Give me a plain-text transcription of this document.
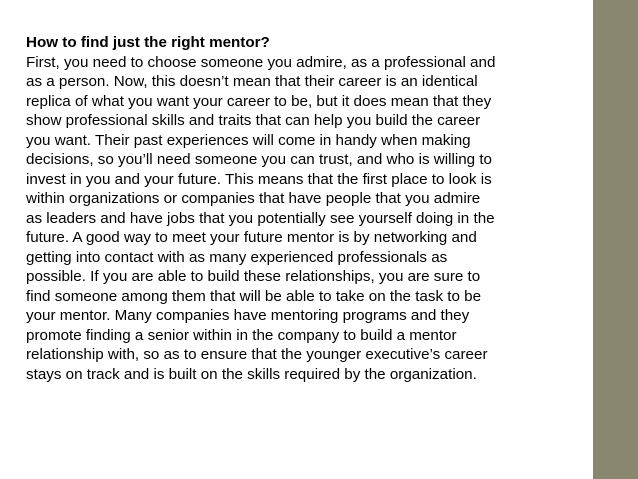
How to find just the right mentor?
First, you need to choose someone you admire, as a professional and
as a person. Now, this doesn’t mean that their career is an identical
replica of what you want your career to be, but it does mean that they
show professional skills and traits that can help you build the career
you want. Their past experiences will come in handy when making
decisions, so you’ll need someone you can trust, and who is willing to
invest in you and your future. This means that the first place to look is
within organizations or companies that have people that you admire
as leaders and have jobs that you potentially see yourself doing in the
future. A good way to meet your future mentor is by networking and
getting into contact with as many experienced professionals as
possible. If you are able to build these relationships, you are sure to
find someone among them that will be able to take on the task to be
your mentor. Many companies have mentoring programs and they
promote finding a senior within in the company to build a mentor
relationship with, so as to ensure that the younger executive’s career
stays on track and is built on the skills required by the organization.
